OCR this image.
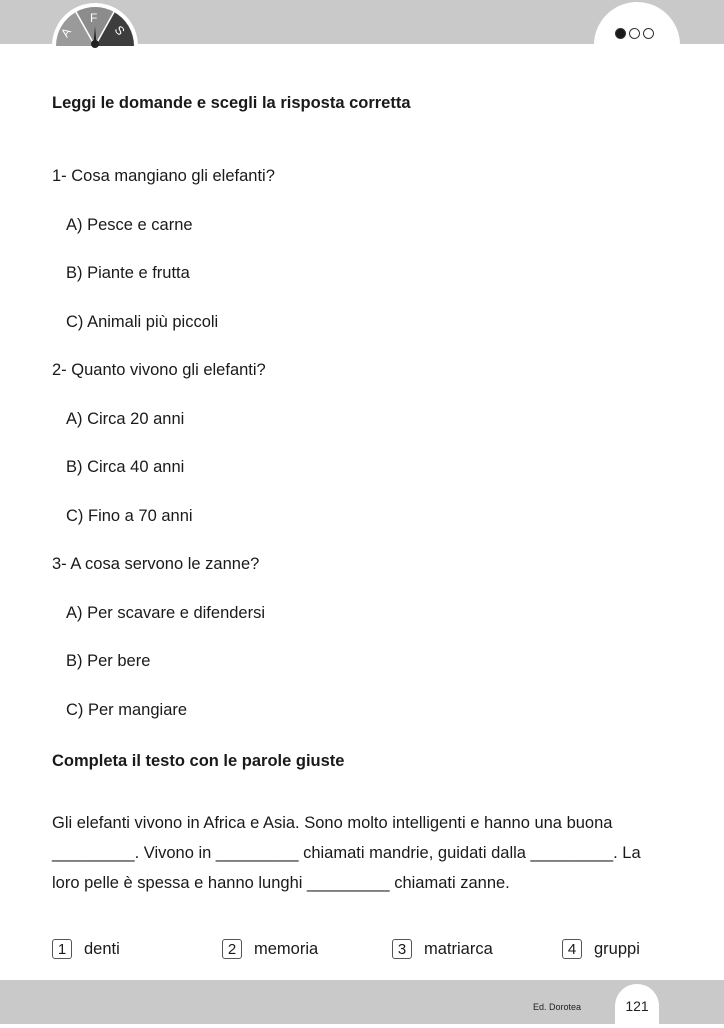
A
F
S
Leggi le domande e scegli la risposta corretta
1- Cosa mangiano gli elefanti?
A) Pesce e carne
B) Piante e frutta
C) Animali più piccoli
2- Quanto vivono gli elefanti?
A) Circa 20 anni
B) Circa 40 anni
C) Fino a 70 anni
3- A cosa servono le zanne?
A) Per scavare e difendersi
B) Per bere
C) Per mangiare
Completa il testo con le parole giuste
Gli elefanti vivono in Africa e Asia. Sono molto intelligenti e hanno una buona _________. Vivono in _________ chiamati mandrie, guidati dalla _________. La loro pelle è spessa e hanno lunghi _________ chiamati zanne.
1	denti	2	memoria	3	matriarca	4	gruppi
Ed. Dorotea	121
